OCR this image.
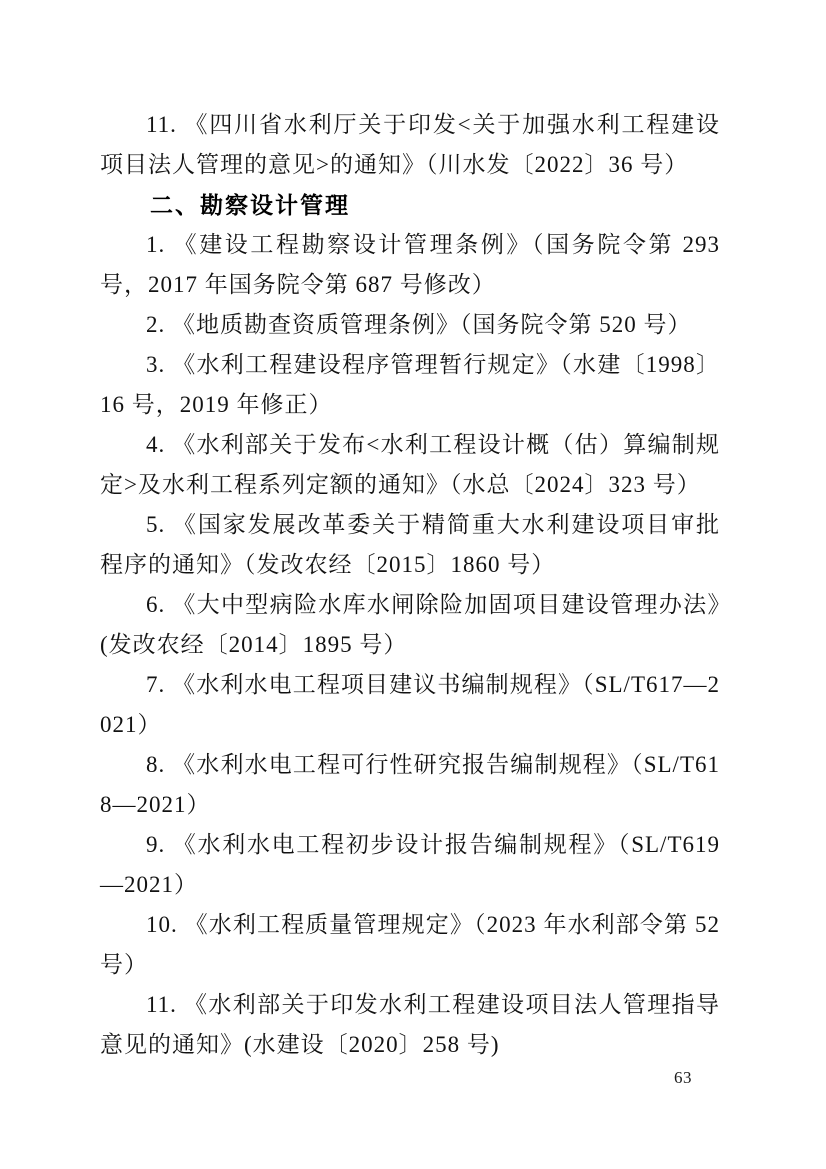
11. 《四川省水利厅关于印发<关于加强水利工程建设项目法人管理的意见>的通知》（川水发〔2022〕36 号）

二、勘察设计管理

1. 《建设工程勘察设计管理条例》（国务院令第 293 号，2017 年国务院令第 687 号修改）

2. 《地质勘查资质管理条例》（国务院令第 520 号）

3. 《水利工程建设程序管理暂行规定》（水建〔1998〕16 号，2019 年修正）

4. 《水利部关于发布<水利工程设计概（估）算编制规定>及水利工程系列定额的通知》（水总〔2024〕323 号）

5. 《国家发展改革委关于精简重大水利建设项目审批程序的通知》（发改农经〔2015〕1860 号）

6. 《大中型病险水库水闸除险加固项目建设管理办法》(发改农经〔2014〕1895 号）

7. 《水利水电工程项目建议书编制规程》（SL/T617—2021）

8. 《水利水电工程可行性研究报告编制规程》（SL/T618—2021）

9. 《水利水电工程初步设计报告编制规程》（SL/T619—2021）

10. 《水利工程质量管理规定》（2023 年水利部令第 52 号）

11. 《水利部关于印发水利工程建设项目法人管理指导意见的通知》(水建设〔2020〕258 号)

63
